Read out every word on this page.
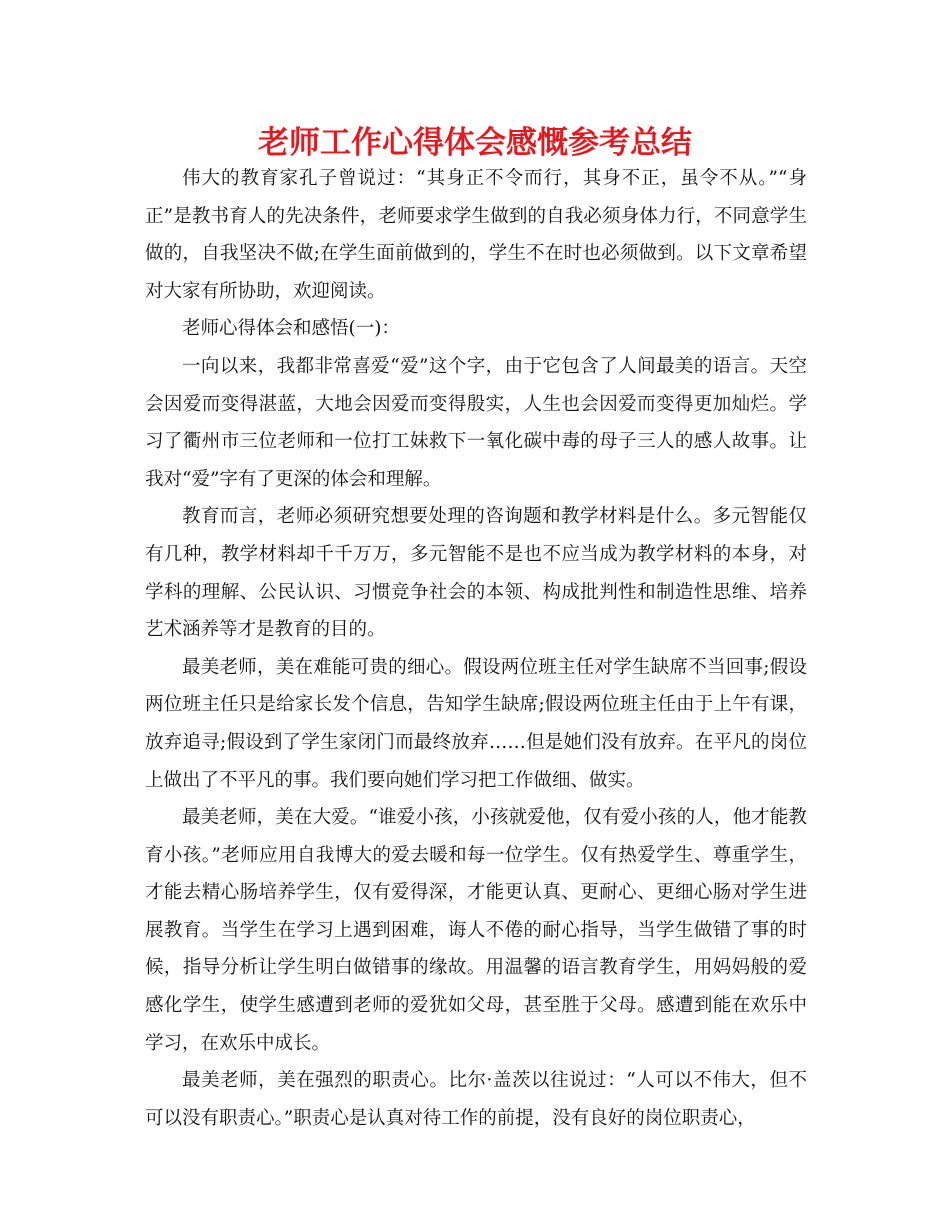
老师工作心得体会感慨参考总结

伟大的教育家孔子曾说过：“其身正不令而行，其身不正，虽令不从。”“身正”是教书育人的先决条件，老师要求学生做到的自我必须身体力行，不同意学生做的，自我坚决不做;在学生面前做到的，学生不在时也必须做到。以下文章希望对大家有所协助，欢迎阅读。

老师心得体会和感悟(一)：

一向以来，我都非常喜爱“爱”这个字，由于它包含了人间最美的语言。天空会因爱而变得湛蓝，大地会因爱而变得殷实，人生也会因爱而变得更加灿烂。学习了衢州市三位老师和一位打工妹救下一氧化碳中毒的母子三人的感人故事。让我对“爱”字有了更深的体会和理解。

教育而言，老师必须研究想要处理的咨询题和教学材料是什么。多元智能仅有几种，教学材料却千千万万，多元智能不是也不应当成为教学材料的本身，对学科的理解、公民认识、习惯竞争社会的本领、构成批判性和制造性思维、培养艺术涵养等才是教育的目的。

最美老师，美在难能可贵的细心。假设两位班主任对学生缺席不当回事;假设两位班主任只是给家长发个信息，告知学生缺席;假设两位班主任由于上午有课，放弃追寻;假设到了学生家闭门而最终放弃……但是她们没有放弃。在平凡的岗位上做出了不平凡的事。我们要向她们学习把工作做细、做实。

最美老师，美在大爱。“谁爱小孩，小孩就爱他，仅有爱小孩的人，他才能教育小孩。”老师应用自我博大的爱去暖和每一位学生。仅有热爱学生、尊重学生，才能去精心肠培养学生，仅有爱得深，才能更认真、更耐心、更细心肠对学生进展教育。当学生在学习上遇到困难，诲人不倦的耐心指导，当学生做错了事的时候，指导分析让学生明白做错事的缘故。用温馨的语言教育学生，用妈妈般的爱感化学生，使学生感遭到老师的爱犹如父母，甚至胜于父母。感遭到能在欢乐中学习，在欢乐中成长。

最美老师，美在强烈的职责心。比尔·盖茨以往说过：“人可以不伟大，但不可以没有职责心。”职责心是认真对待工作的前提，没有良好的岗位职责心，
